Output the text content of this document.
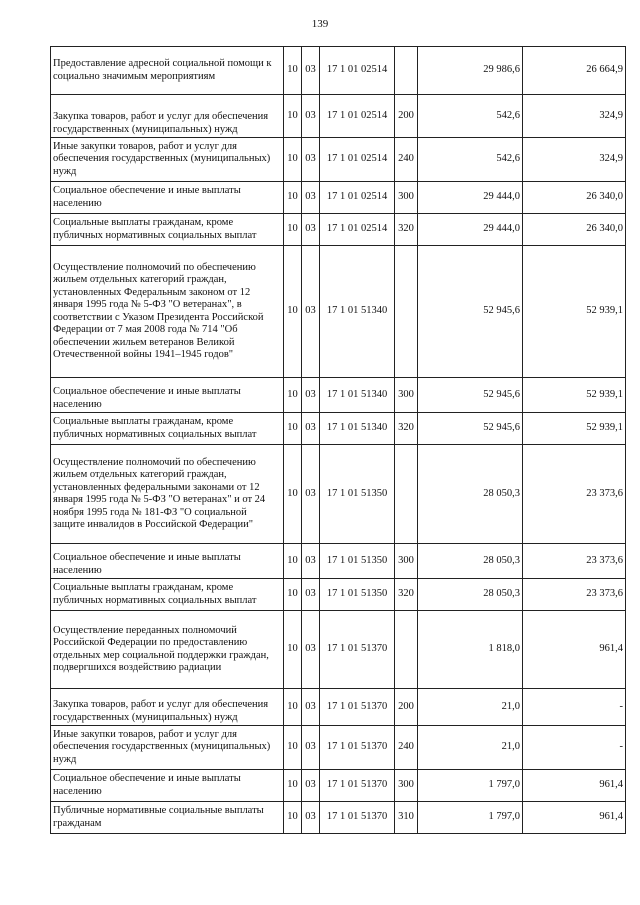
139
Предоставление адресной социальной помощи к социально значимым мероприятиям	10	03	17 1 01 02514		29 986,6	26 664,9
Закупка товаров, работ и услуг для обеспечения государственных (муниципальных) нужд	10	03	17 1 01 02514	200	542,6	324,9
Иные закупки товаров, работ и услуг для обеспечения государственных (муниципальных) нужд	10	03	17 1 01 02514	240	542,6	324,9
Социальное обеспечение и иные выплаты населению	10	03	17 1 01 02514	300	29 444,0	26 340,0
Социальные выплаты гражданам, кроме публичных нормативных социальных выплат	10	03	17 1 01 02514	320	29 444,0	26 340,0
Осуществление полномочий по обеспечению жильем отдельных категорий граждан, установленных Федеральным законом от 12 января 1995 года № 5-ФЗ "О ветеранах", в соответствии с Указом Президента Российской Федерации от 7 мая 2008 года № 714 "Об обеспечении жильем ветеранов Великой Отечественной войны 1941–1945 годов"	10	03	17 1 01 51340		52 945,6	52 939,1
Социальное обеспечение и иные выплаты населению	10	03	17 1 01 51340	300	52 945,6	52 939,1
Социальные выплаты гражданам, кроме публичных нормативных социальных выплат	10	03	17 1 01 51340	320	52 945,6	52 939,1
Осуществление полномочий по обеспечению жильем отдельных категорий граждан, установленных федеральными законами от 12 января 1995 года № 5-ФЗ "О ветеранах" и от 24 ноября 1995 года № 181-ФЗ "О социальной защите инвалидов в Российской Федерации"	10	03	17 1 01 51350		28 050,3	23 373,6
Социальное обеспечение и иные выплаты населению	10	03	17 1 01 51350	300	28 050,3	23 373,6
Социальные выплаты гражданам, кроме публичных нормативных социальных выплат	10	03	17 1 01 51350	320	28 050,3	23 373,6
Осуществление переданных полномочий Российской Федерации по предоставлению отдельных мер социальной поддержки граждан, подвергшихся воздействию радиации	10	03	17 1 01 51370		1 818,0	961,4
Закупка товаров, работ и услуг для обеспечения государственных (муниципальных) нужд	10	03	17 1 01 51370	200	21,0	-
Иные закупки товаров, работ и услуг для обеспечения государственных (муниципальных) нужд	10	03	17 1 01 51370	240	21,0	-
Социальное обеспечение и иные выплаты населению	10	03	17 1 01 51370	300	1 797,0	961,4
Публичные нормативные социальные выплаты гражданам	10	03	17 1 01 51370	310	1 797,0	961,4
